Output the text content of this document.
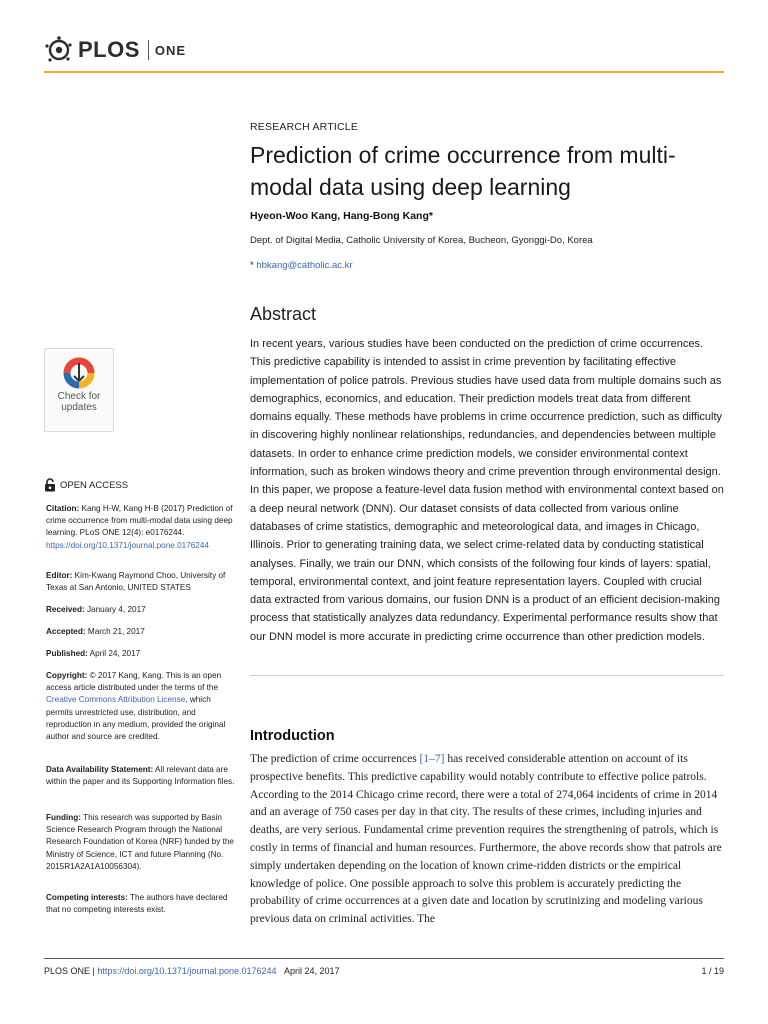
PLOS ONE
RESEARCH ARTICLE
Prediction of crime occurrence from multi-modal data using deep learning
Hyeon-Woo Kang, Hang-Bong Kang*
Dept. of Digital Media, Catholic University of Korea, Bucheon, Gyonggi-Do, Korea
* hbkang@catholic.ac.kr
Abstract
In recent years, various studies have been conducted on the prediction of crime occurrences. This predictive capability is intended to assist in crime prevention by facilitating effective implementation of police patrols. Previous studies have used data from multiple domains such as demographics, economics, and education. Their prediction models treat data from different domains equally. These methods have problems in crime occurrence prediction, such as difficulty in discovering highly nonlinear relationships, redundancies, and dependencies between multiple datasets. In order to enhance crime prediction models, we consider environmental context information, such as broken windows theory and crime prevention through environmental design. In this paper, we propose a feature-level data fusion method with environmental context based on a deep neural network (DNN). Our dataset consists of data collected from various online databases of crime statistics, demographic and meteorological data, and images in Chicago, Illinois. Prior to generating training data, we select crime-related data by conducting statistical analyses. Finally, we train our DNN, which consists of the following four kinds of layers: spatial, temporal, environmental context, and joint feature representation layers. Coupled with crucial data extracted from various domains, our fusion DNN is a product of an efficient decision-making process that statistically analyzes data redundancy. Experimental performance results show that our DNN model is more accurate in predicting crime occurrence than other prediction models.
Introduction
The prediction of crime occurrences [1–7] has received considerable attention on account of its prospective benefits. This predictive capability would notably contribute to effective police patrols. According to the 2014 Chicago crime record, there were a total of 274,064 incidents of crime in 2014 and an average of 750 cases per day in that city. The results of these crimes, including injuries and deaths, are very serious. Fundamental crime prevention requires the strengthening of patrols, which is costly in terms of financial and human resources. Furthermore, the above records show that patrols are simply undertaken depending on the location of known crime-ridden districts or the empirical knowledge of police. One possible approach to solve this problem is accurately predicting the probability of crime occurrences at a given date and location by scrutinizing and modeling various previous data on criminal activities. The
Check for updates
OPEN ACCESS
Citation: Kang H-W, Kang H-B (2017) Prediction of crime occurrence from multi-modal data using deep learning. PLoS ONE 12(4): e0176244. https://doi.org/10.1371/journal.pone.0176244
Editor: Kim-Kwang Raymond Choo, University of Texas at San Antonio, UNITED STATES
Received: January 4, 2017
Accepted: March 21, 2017
Published: April 24, 2017
Copyright: © 2017 Kang, Kang. This is an open access article distributed under the terms of the Creative Commons Attribution License, which permits unrestricted use, distribution, and reproduction in any medium, provided the original author and source are credited.
Data Availability Statement: All relevant data are within the paper and its Supporting Information files.
Funding: This research was supported by Basin Science Research Program through the National Research Foundation of Korea (NRF) funded by the Ministry of Science, ICT and future Planning (No. 2015R1A2A1A10056304).
Competing interests: The authors have declared that no competing interests exist.
PLOS ONE | https://doi.org/10.1371/journal.pone.0176244 April 24, 2017	1 / 19
